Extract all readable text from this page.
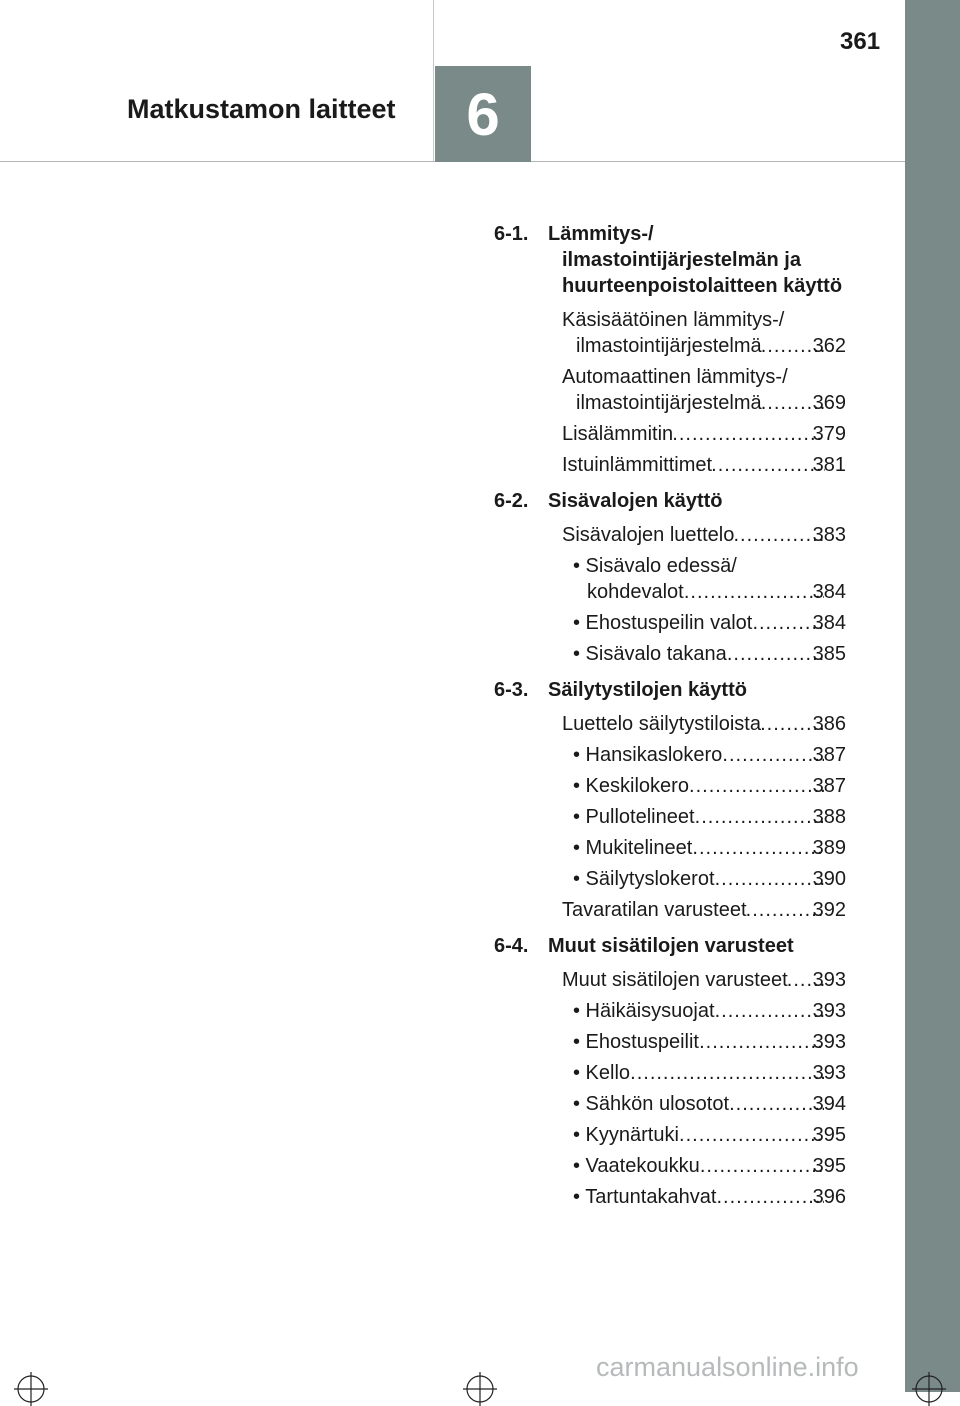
361
Matkustamon laitteet 6
6-1. Lämmitys-/ ilmastointijärjestelmän ja huurteenpoistolaitteen käyttö
Käsisäätöinen lämmitys-/
ilmastointijärjestelmä .....	362
Automaattinen lämmitys-/
ilmastointijärjestelmä .....	369
Lisälämmitin .....	379
Istuinlämmittimet .....	381
6-2. Sisävalojen käyttö
Sisävalojen luettelo .....	383
• Sisävalo edessä/
kohdevalot .....	384
• Ehostuspeilin valot .....	384
• Sisävalo takana .....	385
6-3. Säilytystilojen käyttö
Luettelo säilytystiloista .....	386
• Hansikaslokero .....	387
• Keskilokero .....	387
• Pullotelineet .....	388
• Mukitelineet .....	389
• Säilytyslokerot .....	390
Tavaratilan varusteet .....	392
6-4. Muut sisätilojen varusteet
Muut sisätilojen varusteet ..... 393
• Häikäisysuojat .....	393
• Ehostuspeilit .....	393
• Kello .....	393
• Sähkön ulosotot .....	394
• Kyynärtuki .....	395
• Vaatekoukku .....	395
• Tartuntakahvat .....	396
carmanualsonline.info
